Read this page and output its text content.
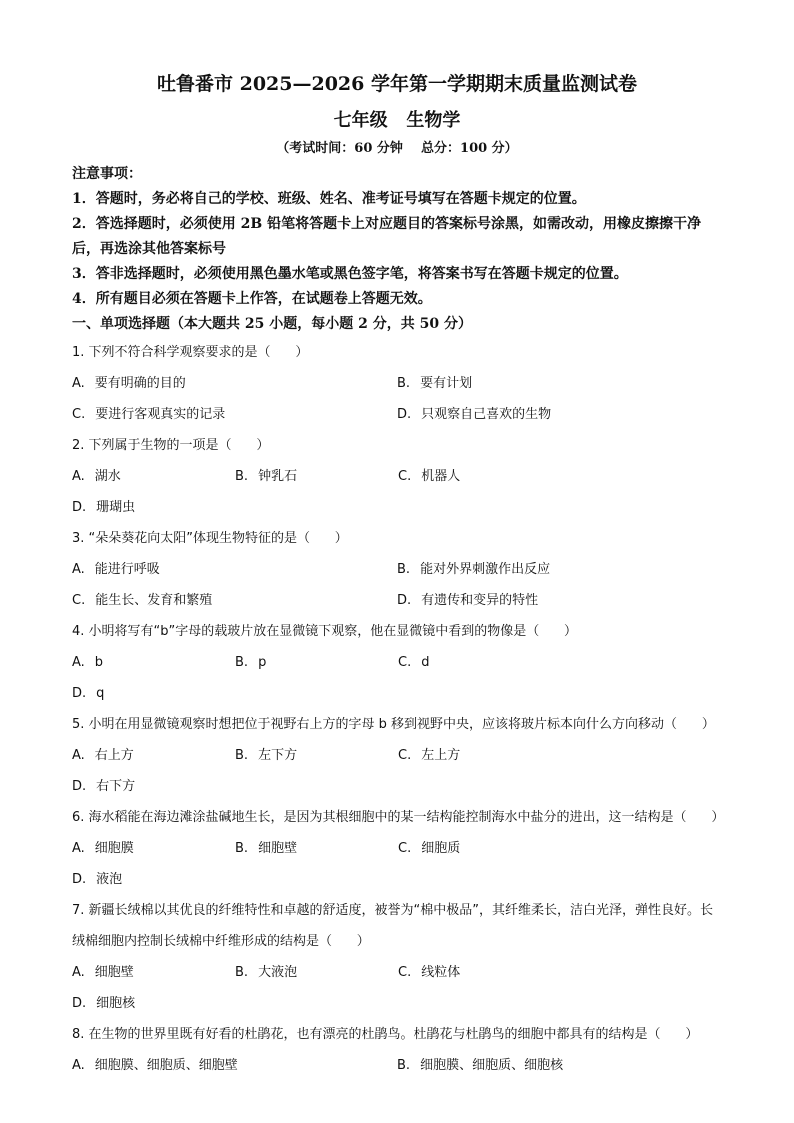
吐鲁番市 2025—2026 学年第一学期期末质量监测试卷
七年级   生物学
（考试时间：60 分钟    总分：100 分）

注意事项：

1．答题时，务必将自己的学校、班级、姓名、准考证号填写在答题卡规定的位置。

2．答选择题时，必须使用 2B 铅笔将答题卡上对应题目的答案标号涂黑，如需改动，用橡皮擦擦干净后，再选涂其他答案标号

3．答非选择题时，必须使用黑色墨水笔或黑色签字笔，将答案书写在答题卡规定的位置。

4．所有题目必须在答题卡上作答，在试题卷上答题无效。

一、单项选择题（本大题共 25 小题，每小题 2 分，共 50 分）

1. 下列不符合科学观察要求的是（      ）

A. 要有明确的目的	B. 要有计划
C. 要进行客观真实的记录	D. 只观察自己喜欢的生物

2. 下列属于生物的一项是（      ）

A. 湖水	B. 钟乳石	C. 机器人
D. 珊瑚虫

3. “朵朵葵花向太阳”体现生物特征的是（      ）

A. 能进行呼吸	B. 能对外界刺激作出反应
C. 能生长、发育和繁殖	D. 有遗传和变异的特性

4. 小明将写有“b”字母的载玻片放在显微镜下观察，他在显微镜中看到的物像是（      ）

A. b	B. p	C. d
D. q

5. 小明在用显微镜观察时想把位于视野右上方的字母 b 移到视野中央，应该将玻片标本向什么方向移动（      ）

A. 右上方	B. 左下方	C. 左上方
D. 右下方

6. 海水稻能在海边滩涂盐碱地生长，是因为其根细胞中的某一结构能控制海水中盐分的进出，这一结构是（      ）

A. 细胞膜	B. 细胞壁	C. 细胞质
D. 液泡

7. 新疆长绒棉以其优良的纤维特性和卓越的舒适度，被誉为“棉中极品”，其纤维柔长，洁白光泽，弹性良好。长绒棉细胞内控制长绒棉中纤维形成的结构是（      ）

A. 细胞壁	B. 大液泡	C. 线粒体
D. 细胞核

8. 在生物的世界里既有好看的杜鹃花，也有漂亮的杜鹃鸟。杜鹃花与杜鹃鸟的细胞中都具有的结构是（      ）

A. 细胞膜、细胞质、细胞壁	B. 细胞膜、细胞质、细胞核
